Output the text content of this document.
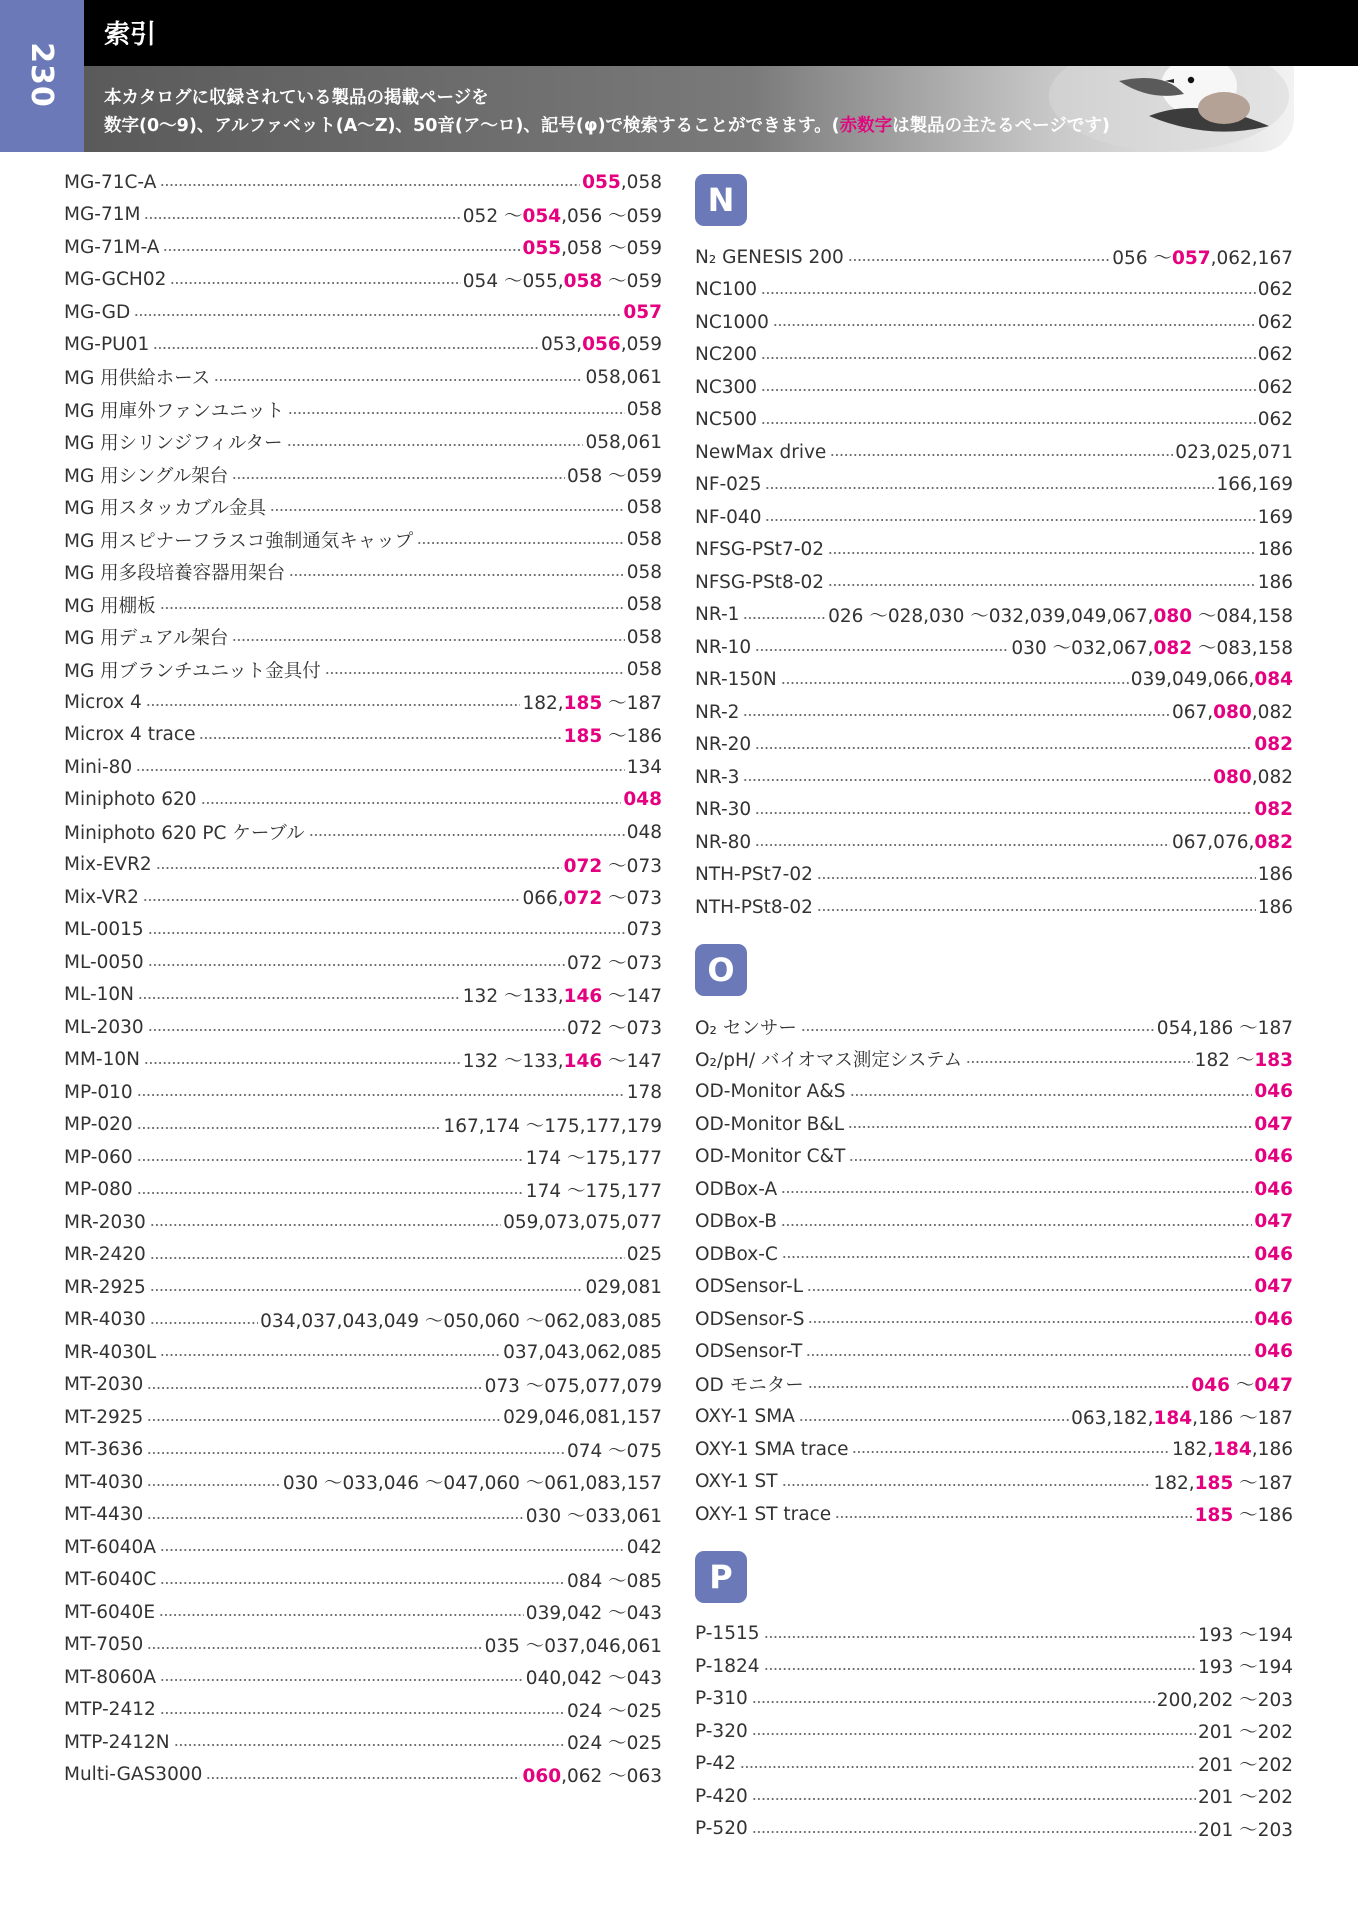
230
索引
本カタログに収録されている製品の掲載ページを
数字(0～9)、アルファベット(A～Z)、50音(ア～ロ)、記号(φ)で検索することができます。(赤数字は製品の主たるページです)
MG-71C-A	055,058
MG-71M	052 ～054,056 ～059
MG-71M-A	055,058 ～059
MG-GCH02	054 ～055,058 ～059
MG-GD	057
MG-PU01	053,056,059
MG 用供給ホース	058,061
MG 用庫外ファンユニット	058
MG 用シリンジフィルター	058,061
MG 用シングル架台	058 ～059
MG 用スタッカブル金具	058
MG 用スピナーフラスコ強制通気キャップ	058
MG 用多段培養容器用架台	058
MG 用棚板	058
MG 用デュアル架台	058
MG 用ブランチユニット金具付	058
Microx 4	182,185 ～187
Microx 4 trace	185 ～186
Mini-80	134
Miniphoto 620	048
Miniphoto 620 PC ケーブル	048
Mix-EVR2	072 ～073
Mix-VR2	066,072 ～073
ML-0015	073
ML-0050	072 ～073
ML-10N	132 ～133,146 ～147
ML-2030	072 ～073
MM-10N	132 ～133,146 ～147
MP-010	178
MP-020	167,174 ～175,177,179
MP-060	174 ～175,177
MP-080	174 ～175,177
MR-2030	059,073,075,077
MR-2420	025
MR-2925	029,081
MR-4030	034,037,043,049 ～050,060 ～062,083,085
MR-4030L	037,043,062,085
MT-2030	073 ～075,077,079
MT-2925	029,046,081,157
MT-3636	074 ～075
MT-4030	030 ～033,046 ～047,060 ～061,083,157
MT-4430	030 ～033,061
MT-6040A	042
MT-6040C	084 ～085
MT-6040E	039,042 ～043
MT-7050	035 ～037,046,061
MT-8060A	040,042 ～043
MTP-2412	024 ～025
MTP-2412N	024 ～025
Multi-GAS3000	060,062 ～063
N
N₂ GENESIS 200	056 ～057,062,167
NC100	062
NC1000	062
NC200	062
NC300	062
NC500	062
NewMax drive	023,025,071
NF-025	166,169
NF-040	169
NFSG-PSt7-02	186
NFSG-PSt8-02	186
NR-1	026 ～028,030 ～032,039,049,067,080 ～084,158
NR-10	030 ～032,067,082 ～083,158
NR-150N	039,049,066,084
NR-2	067,080,082
NR-20	082
NR-3	080,082
NR-30	082
NR-80	067,076,082
NTH-PSt7-02	186
NTH-PSt8-02	186
O
O₂ センサー	054,186 ～187
O₂/pH/ バイオマス測定システム	182 ～183
OD-Monitor A&S	046
OD-Monitor B&L	047
OD-Monitor C&T	046
ODBox-A	046
ODBox-B	047
ODBox-C	046
ODSensor-L	047
ODSensor-S	046
ODSensor-T	046
OD モニター	046 ～047
OXY-1 SMA	063,182,184,186 ～187
OXY-1 SMA trace	182,184,186
OXY-1 ST	182,185 ～187
OXY-1 ST trace	185 ～186
P
P-1515	193 ～194
P-1824	193 ～194
P-310	200,202 ～203
P-320	201 ～202
P-42	201 ～202
P-420	201 ～202
P-520	201 ～203
